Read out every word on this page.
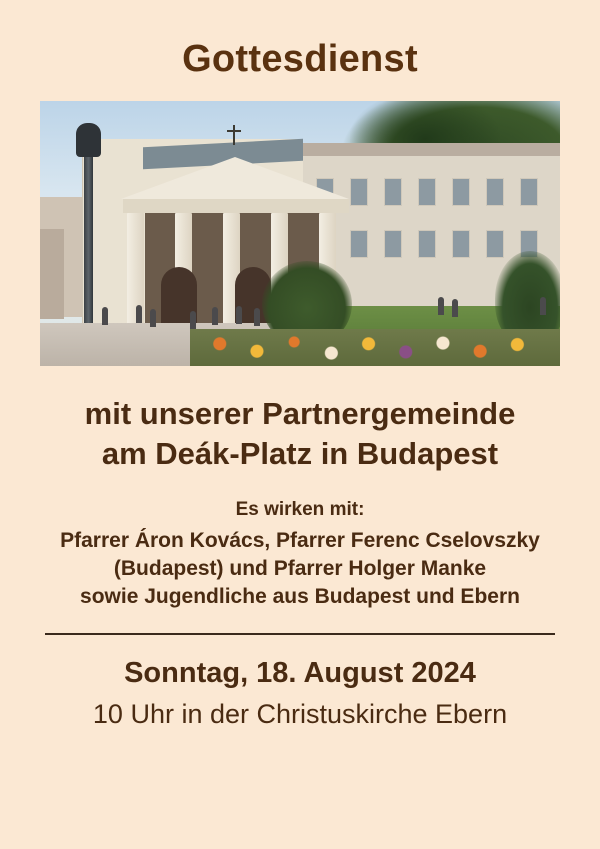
Gottesdienst
mit unserer Partnergemeinde
am Deák-Platz in Budapest
Es wirken mit:
Pfarrer Áron Kovács, Pfarrer Ferenc Cselovszky
(Budapest) und Pfarrer Holger Manke
sowie Jugendliche aus Budapest und Ebern
Sonntag, 18. August 2024
10 Uhr in der Christuskirche Ebern
